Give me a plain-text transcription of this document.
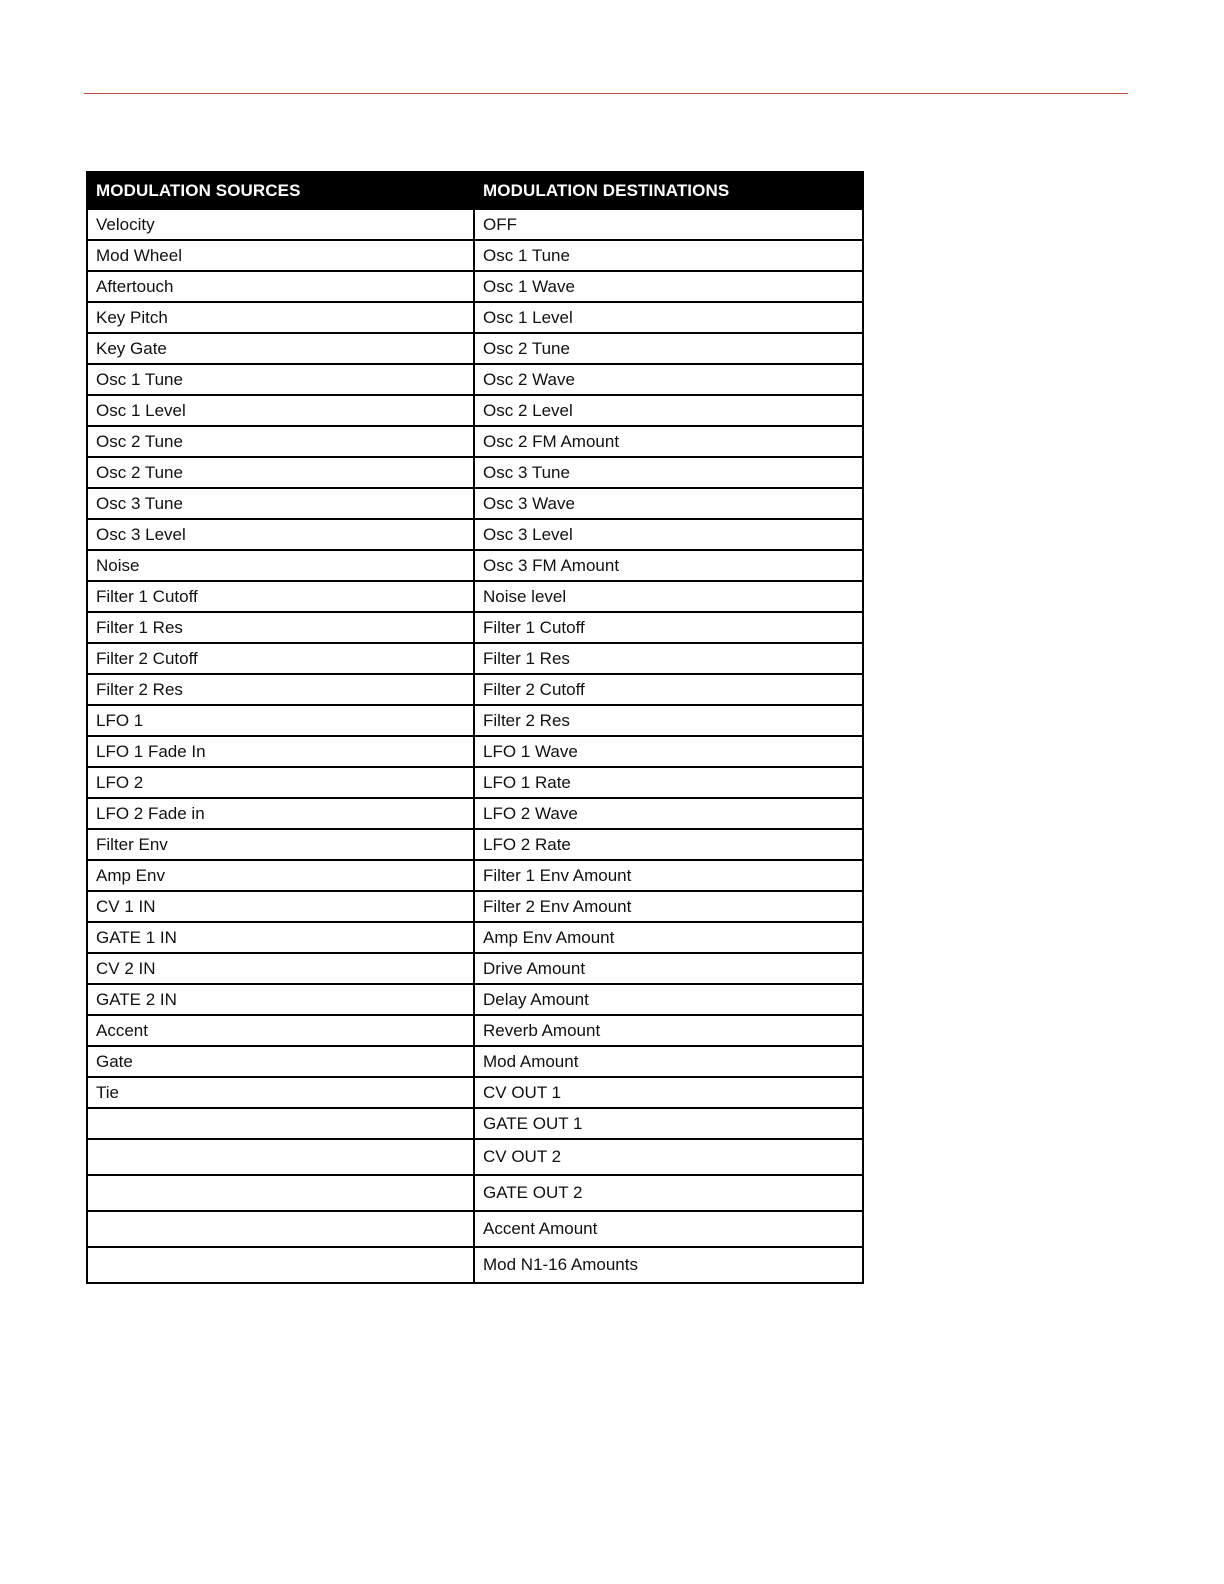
MODULATION SOURCES	MODULATION DESTINATIONS
Velocity	OFF
Mod Wheel	Osc 1 Tune
Aftertouch	Osc 1 Wave
Key Pitch	Osc 1 Level
Key Gate	Osc 2 Tune
Osc 1 Tune	Osc 2 Wave
Osc 1 Level	Osc 2 Level
Osc 2 Tune	Osc 2 FM Amount
Osc 2 Tune	Osc 3 Tune
Osc 3 Tune	Osc 3 Wave
Osc 3 Level	Osc 3 Level
Noise	Osc 3 FM Amount
Filter 1 Cutoff	Noise level
Filter 1 Res	Filter 1 Cutoff
Filter 2 Cutoff	Filter 1 Res
Filter 2 Res	Filter 2 Cutoff
LFO 1	Filter 2 Res
LFO 1 Fade In	LFO 1 Wave
LFO 2	LFO 1 Rate
LFO 2 Fade in	LFO 2 Wave
Filter Env	LFO 2 Rate
Amp Env	Filter 1 Env Amount
CV 1 IN	Filter 2 Env Amount
GATE 1 IN	Amp Env Amount
CV 2 IN	Drive Amount
GATE 2 IN	Delay Amount
Accent	Reverb Amount
Gate	Mod Amount
Tie	CV OUT 1
	GATE OUT 1
	CV OUT 2
	GATE OUT 2
	Accent Amount
	Mod N1-16 Amounts
